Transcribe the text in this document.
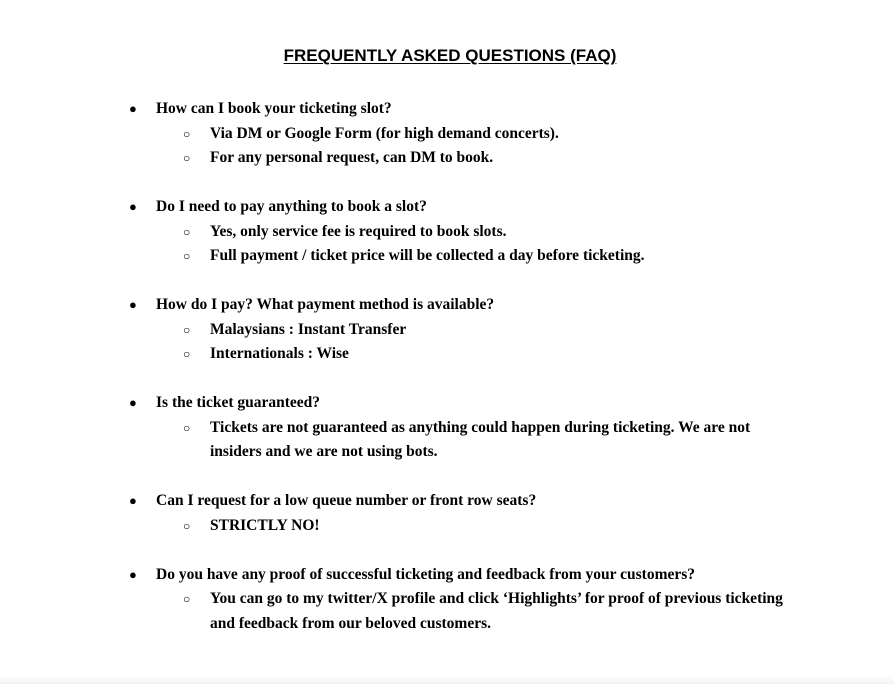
FREQUENTLY ASKED QUESTIONS (FAQ)
● How can I book your ticketing slot?
○ Via DM or Google Form (for high demand concerts).
○ For any personal request, can DM to book.
● Do I need to pay anything to book a slot?
○ Yes, only service fee is required to book slots.
○ Full payment / ticket price will be collected a day before ticketing.
● How do I pay? What payment method is available?
○ Malaysians : Instant Transfer
○ Internationals : Wise
● Is the ticket guaranteed?
○ Tickets are not guaranteed as anything could happen during ticketing. We are not insiders and we are not using bots.
● Can I request for a low queue number or front row seats?
○ STRICTLY NO!
● Do you have any proof of successful ticketing and feedback from your customers?
○ You can go to my twitter/X profile and click ‘Highlights’ for proof of previous ticketing and feedback from our beloved customers.
